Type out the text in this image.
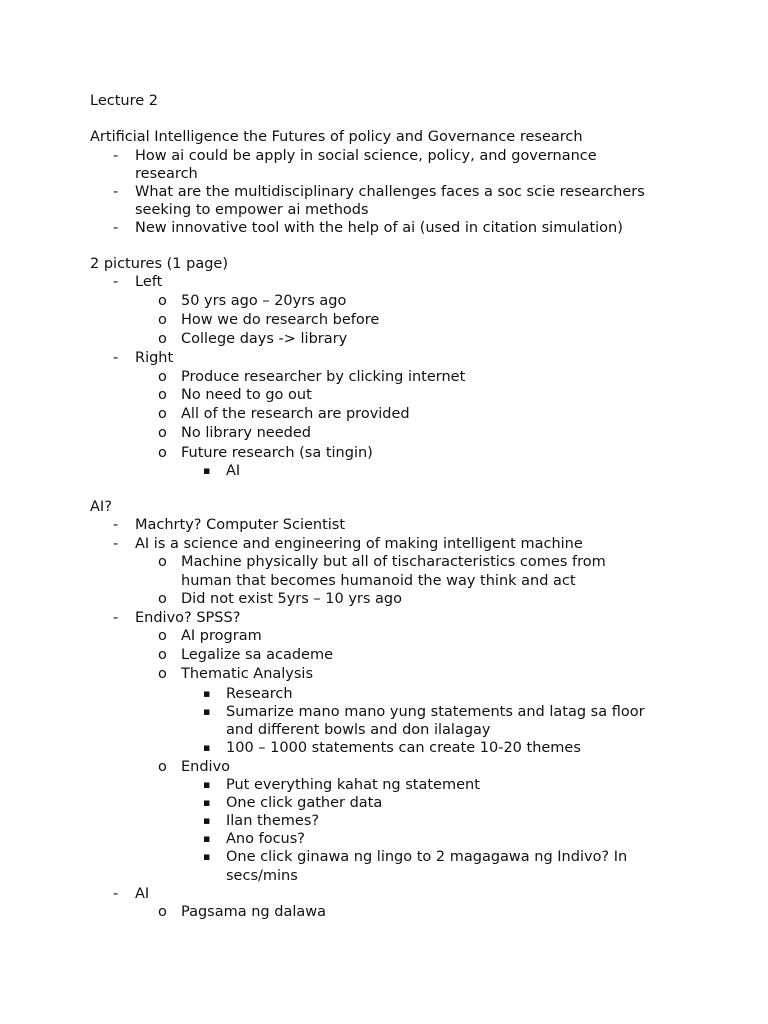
Lecture 2
Artificial Intelligence the Futures of policy and Governance research
- How ai could be apply in social science, policy, and governance
research
- What are the multidisciplinary challenges faces a soc scie researchers
seeking to empower ai methods
- New innovative tool with the help of ai (used in citation simulation)
2 pictures (1 page)
- Left
o 50 yrs ago – 20yrs ago
o How we do research before
o College days -> library
- Right
o Produce researcher by clicking internet
o No need to go out
o All of the research are provided
o No library needed
o Future research (sa tingin)
▪ AI
AI?
- Machrty? Computer Scientist
- AI is a science and engineering of making intelligent machine
o Machine physically but all of tischaracteristics comes from
human that becomes humanoid the way think and act
o Did not exist 5yrs – 10 yrs ago
- Endivo? SPSS?
o AI program
o Legalize sa academe
o Thematic Analysis
▪ Research
▪ Sumarize mano mano yung statements and latag sa floor
and different bowls and don ilalagay
▪ 100 – 1000 statements can create 10-20 themes
o Endivo
▪ Put everything kahat ng statement
▪ One click gather data
▪ Ilan themes?
▪ Ano focus?
▪ One click ginawa ng lingo to 2 magagawa ng Indivo? In
secs/mins
- AI
o Pagsama ng dalawa
